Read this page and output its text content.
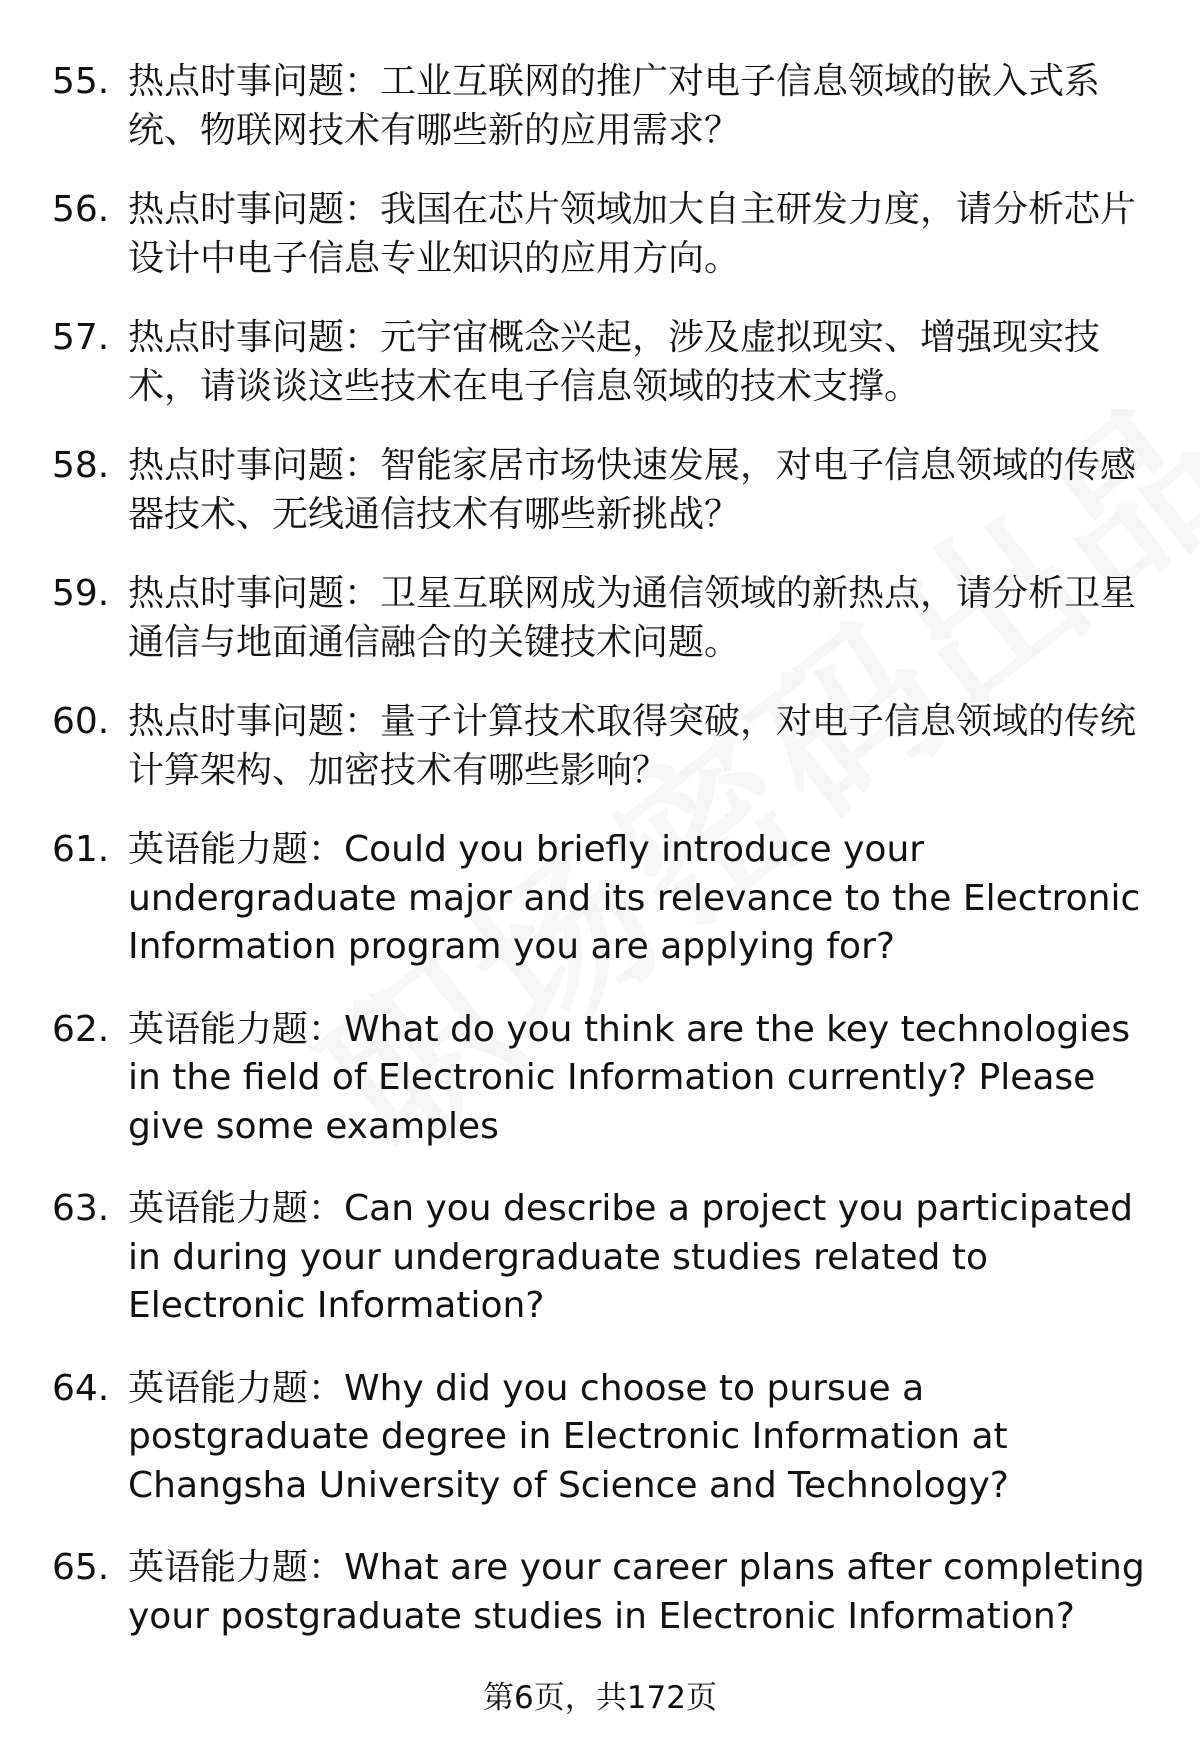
55. 热点时事问题：工业互联网的推广对电子信息领域的嵌入式系统、物联网技术有哪些新的应用需求？
56. 热点时事问题：我国在芯片领域加大自主研发力度，请分析芯片设计中电子信息专业知识的应用方向。
57. 热点时事问题：元宇宙概念兴起，涉及虚拟现实、增强现实技术，请谈谈这些技术在电子信息领域的技术支撑。
58. 热点时事问题：智能家居市场快速发展，对电子信息领域的传感器技术、无线通信技术有哪些新挑战？
59. 热点时事问题：卫星互联网成为通信领域的新热点，请分析卫星通信与地面通信融合的关键技术问题。
60. 热点时事问题：量子计算技术取得突破，对电子信息领域的传统计算架构、加密技术有哪些影响？
61. 英语能力题：Could you briefly introduce your undergraduate major and its relevance to the Electronic Information program you are applying for?
62. 英语能力题：What do you think are the key technologies in the field of Electronic Information currently? Please give some examples
63. 英语能力题：Can you describe a project you participated in during your undergraduate studies related to Electronic Information?
64. 英语能力题：Why did you choose to pursue a postgraduate degree in Electronic Information at Changsha University of Science and Technology?
65. 英语能力题：What are your career plans after completing your postgraduate studies in Electronic Information?
第6页，共172页
